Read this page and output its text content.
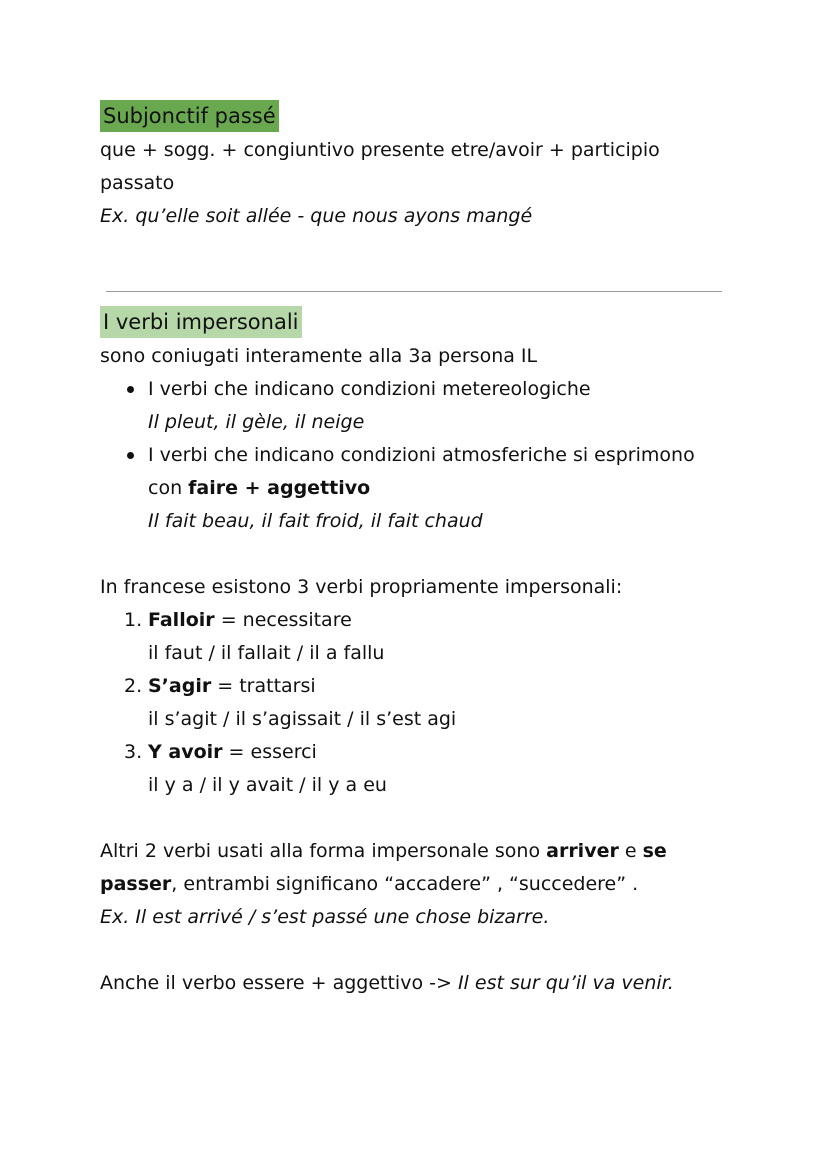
Subjonctif passé
que + sogg. + congiuntivo presente etre/avoir + participio
passato
Ex. qu’elle soit allée - que nous ayons mangé
I verbi impersonali
sono coniugati interamente alla 3a persona IL
I verbi che indicano condizioni metereologiche
Il pleut, il gèle, il neige
I verbi che indicano condizioni atmosferiche si esprimono
con faire + aggettivo
Il fait beau, il fait froid, il fait chaud
In francese esistono 3 verbi propriamente impersonali:
1. Falloir = necessitare
il faut / il fallait / il a fallu
2. S’agir = trattarsi
il s’agit / il s’agissait / il s’est agi
3. Y avoir = esserci
il y a / il y avait / il y a eu
Altri 2 verbi usati alla forma impersonale sono arriver e se
passer, entrambi significano “accadere” , “succedere” .
Ex. Il est arrivé / s’est passé une chose bizarre.
Anche il verbo essere + aggettivo -> Il est sur qu’il va venir.
